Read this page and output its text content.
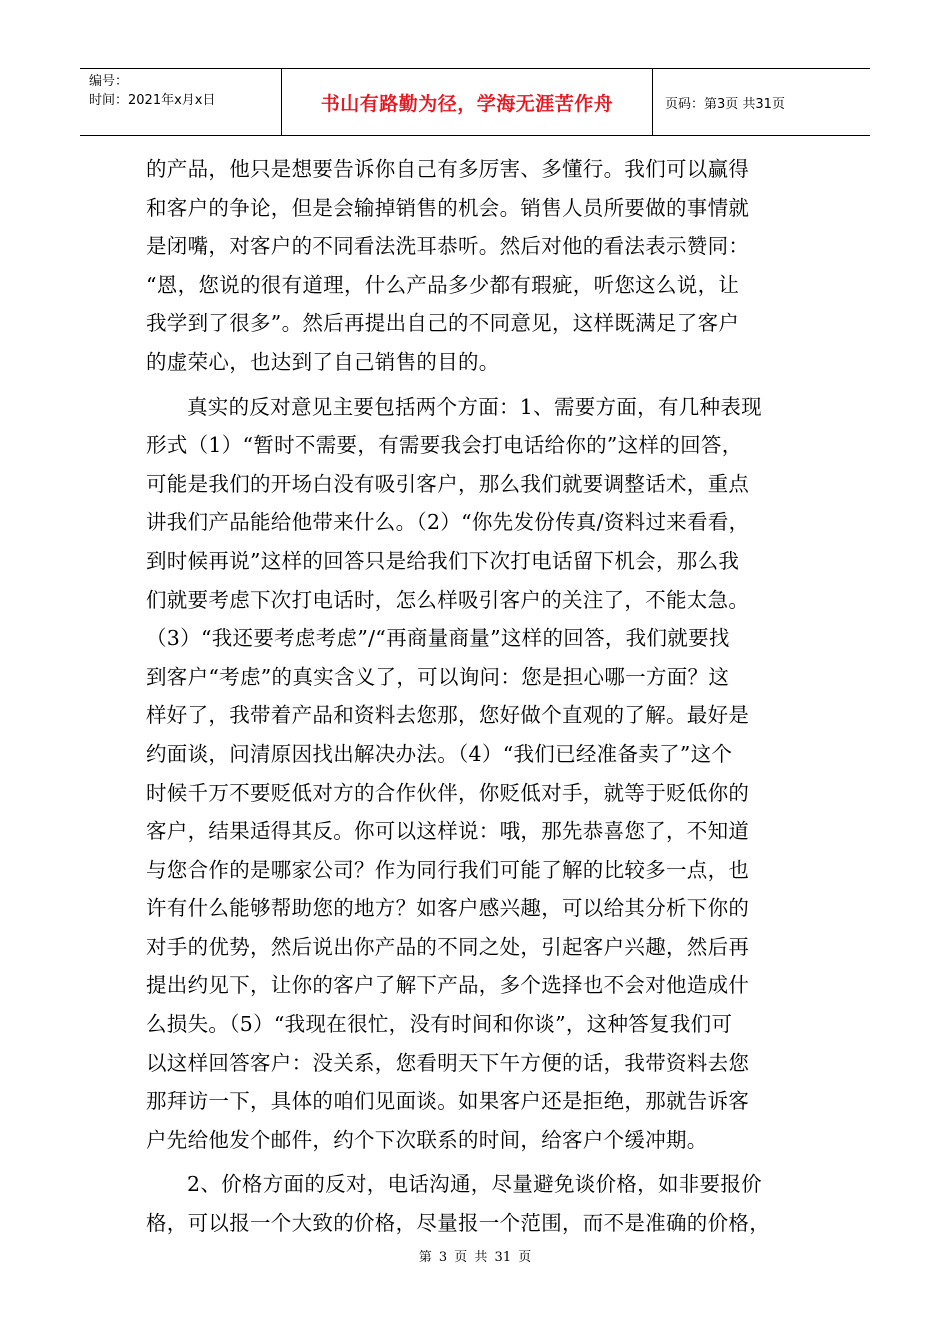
编号：
时间：2021年x月x日	书山有路勤为径，学海无涯苦作舟	页码：第3页 共31页
的产品，他只是想要告诉你自己有多厉害、多懂行。我们可以赢得
和客户的争论，但是会输掉销售的机会。销售人员所要做的事情就
是闭嘴，对客户的不同看法洗耳恭听。然后对他的看法表示赞同：
“恩，您说的很有道理，什么产品多少都有瑕疵，听您这么说，让
我学到了很多”。然后再提出自己的不同意见，这样既满足了客户
的虚荣心，也达到了自己销售的目的。
真实的反对意见主要包括两个方面：1、需要方面，有几种表现
形式（1）“暂时不需要，有需要我会打电话给你的”这样的回答，
可能是我们的开场白没有吸引客户，那么我们就要调整话术，重点
讲我们产品能给他带来什么。（2）“你先发份传真/资料过来看看，
到时候再说”这样的回答只是给我们下次打电话留下机会，那么我
们就要考虑下次打电话时，怎么样吸引客户的关注了，不能太急。
（3）“我还要考虑考虑”/“再商量商量”这样的回答，我们就要找
到客户“考虑”的真实含义了，可以询问：您是担心哪一方面？这
样好了，我带着产品和资料去您那，您好做个直观的了解。最好是
约面谈，问清原因找出解决办法。（4）“我们已经准备卖了”这个
时候千万不要贬低对方的合作伙伴，你贬低对手，就等于贬低你的
客户，结果适得其反。你可以这样说：哦，那先恭喜您了，不知道
与您合作的是哪家公司？作为同行我们可能了解的比较多一点，也
许有什么能够帮助您的地方？如客户感兴趣，可以给其分析下你的
对手的优势，然后说出你产品的不同之处，引起客户兴趣，然后再
提出约见下，让你的客户了解下产品，多个选择也不会对他造成什
么损失。（5）“我现在很忙，没有时间和你谈”，这种答复我们可
以这样回答客户：没关系，您看明天下午方便的话，我带资料去您
那拜访一下，具体的咱们见面谈。如果客户还是拒绝，那就告诉客
户先给他发个邮件，约个下次联系的时间，给客户个缓冲期。
2、价格方面的反对，电话沟通，尽量避免谈价格，如非要报价
格，可以报一个大致的价格，尽量报一个范围，而不是准确的价格，
第 3 页 共 31 页
